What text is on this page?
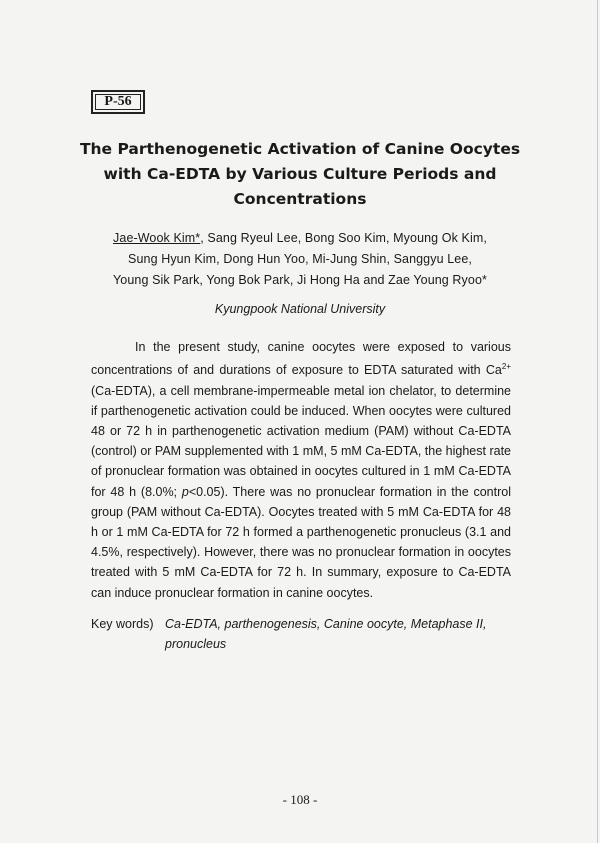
P-56
The Parthenogenetic Activation of Canine Oocytes
with Ca-EDTA by Various Culture Periods and
Concentrations
Jae-Wook Kim*, Sang Ryeul Lee, Bong Soo Kim, Myoung Ok Kim,
Sung Hyun Kim, Dong Hun Yoo, Mi-Jung Shin, Sanggyu Lee,
Young Sik Park, Yong Bok Park, Ji Hong Ha and Zae Young Ryoo*
Kyungpook National University

In the present study, canine oocytes were exposed to various concentrations of and durations of exposure to EDTA saturated with $Ca^{2+}(Ca-EDTA)$, a cell membrane-impermeable metal ion chelator, to determine if parthenogenetic activation could be induced. When oocytes were cultured 48 or 72 h in parthenogenetic activation medium (PAM) without Ca-EDTA (control) or PAM supplemented with 1 mM, 5 mM Ca-EDTA, the highest rate of pronuclear formation was obtained in oocytes cultured in 1 mM Ca-EDTA for 48 h (8.0%; p<0.05). There was no pronuclear formation in the control group (PAM without Ca-EDTA). Oocytes treated with 5 mM Ca-EDTA for 48 h or 1 mM Ca-EDTA for 72 h formed a parthenogenetic pronucleus (3.1 and 4.5%, respectively). However, there was no pronuclear formation in oocytes treated with 5 mM Ca-EDTA for 72 h. In summary, exposure to Ca-EDTA can induce pronuclear formation in canine oocytes.

Key words) Ca-EDTA, parthenogenesis, Canine oocyte, Metaphase II, pronucleus
- 108 -
